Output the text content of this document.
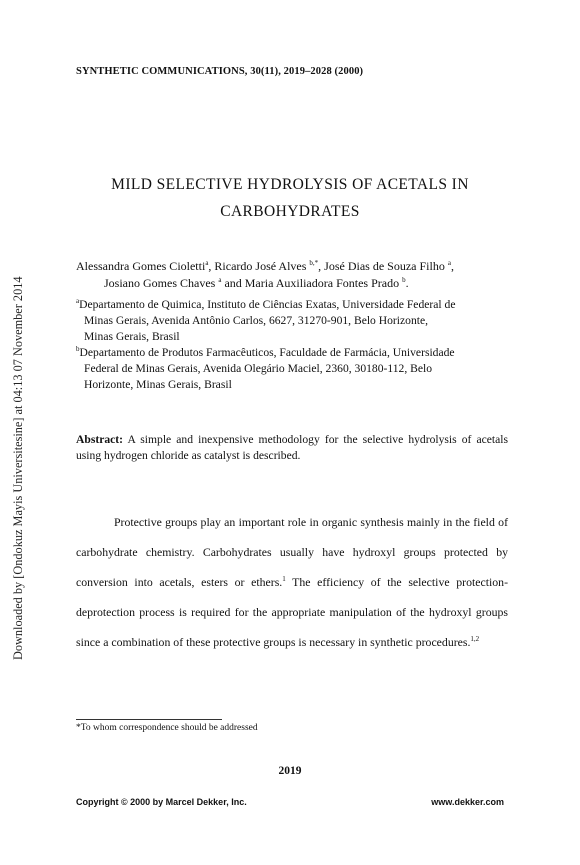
Downloaded by [Ondokuz Mayis Universitesine] at 04:13 07 November 2014
SYNTHETIC COMMUNICATIONS, 30(11), 2019–2028 (2000)
MILD SELECTIVE HYDROLYSIS OF ACETALS IN
CARBOHYDRATES
Alessandra Gomes Cioletti$^a$, Ricardo José Alves $^{b,*}$, José Dias de Souza Filho $^a$,
Josiano Gomes Chaves $^a$ and Maria Auxiliadora Fontes Prado $^b$.
$^a$Departamento de Quimica, Instituto de Ciências Exatas, Universidade Federal de
Minas Gerais, Avenida Antônio Carlos, 6627, 31270-901, Belo Horizonte,
Minas Gerais, Brasil
$^b$Departamento de Produtos Farmacêuticos, Faculdade de Farmácia, Universidade
Federal de Minas Gerais, Avenida Olegário Maciel, 2360, 30180-112, Belo
Horizonte, Minas Gerais, Brasil
Abstract: A simple and inexpensive methodology for the selective hydrolysis of acetals using hydrogen chloride as catalyst is described.

Protective groups play an important role in organic synthesis mainly in the field of carbohydrate chemistry. Carbohydrates usually have hydroxyl groups protected by conversion into acetals, esters or ethers.$^1$ The efficiency of the selective protection-deprotection process is required for the appropriate manipulation of the hydroxyl groups since a combination of these protective groups is necessary in synthetic procedures.$^{1,2}$

*To whom correspondence should be addressed
2019
Copyright © 2000 by Marcel Dekker, Inc.	www.dekker.com
